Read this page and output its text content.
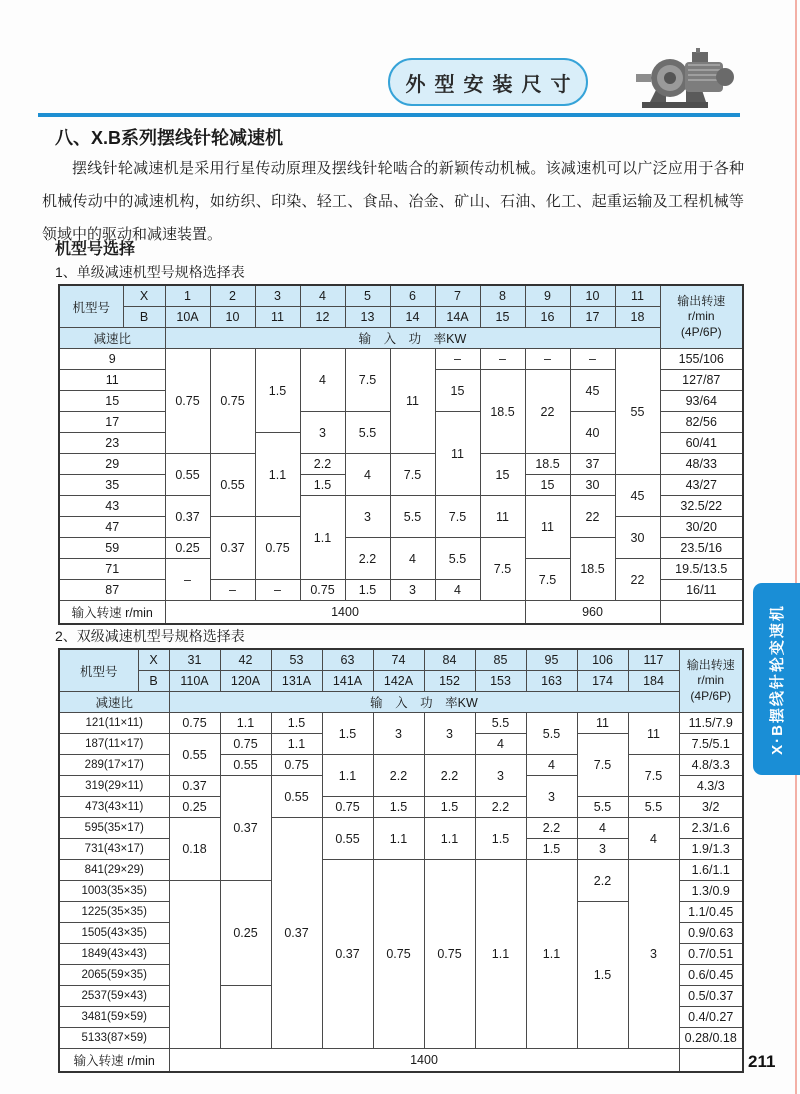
外型安装尺寸
八、X.B系列摆线针轮减速机
摆线针轮减速机是采用行星传动原理及摆线针轮啮合的新颖传动机械。该减速机可以广泛应用于各种机械传动中的减速机构，如纺织、印染、轻工、食品、冶金、矿山、石油、化工、起重运输及工程机械等领域中的驱动和减速装置。
机型号选择
1、单级减速机型号规格选择表
机型号	X	1	2	3	4	5	6	7	8	9	10	11	输出转速
r/min
(4P/6P)
	B	10A	10	11	12	13	14	14A	15	16	17	18	
减速比		输　入　功　率KW											
9		0.75	0.75	1.5	4	7.5	11	–	–	–	–	55	155/106
11								15	18.5	22	45		127/87
15													93/64
17					3	5.5		11			40		82/56
23				1.1									60/41
29		0.55	0.55		2.2	4	7.5		15	18.5	37		48/33
35					1.5					15	30	45	43/27
43		0.37			1.1	3	5.5	7.5	11	11	22		32.5/22
47			0.37	0.75								30	30/20
59		0.25				2.2	4	5.5	7.5		18.5		23.5/16
71		–								7.5		22	19.5/13.5
87			–	–	0.75	1.5	3	4					16/11
输入转速 r/min		1400								960			
2、双级减速机型号规格选择表
机型号	X	31	42	53	63	74	84	85	95	106	117	输出转速
r/min
(4P/6P)
	B	110A	120A	131A	141A	142A	152	153	163	174	184	
减速比		输　入　功　率KW										
121(11×11)		0.75	1.1	1.5	1.5	3	3	5.5	5.5	11	11	11.5/7.9
187(11×17)		0.55	0.75	1.1				4		7.5		7.5/5.1
289(17×17)			0.55	0.75	1.1	2.2	2.2	3	4		7.5	4.8/3.3
319(29×11)		0.37	0.37	0.55					3			4.3/3
473(43×11)		0.25			0.75	1.5	1.5	2.2		5.5	5.5	3/2
595(35×17)		0.18		0.37	0.55	1.1	1.1	1.5	2.2	4	4	2.3/1.6
731(43×17)									1.5	3		1.9/1.3
841(29×29)					0.37	0.75	0.75	1.1	1.1	2.2	3	1.6/1.1
1003(35×35)			0.25									1.3/0.9
1225(35×35)										1.5		1.1/0.45
1505(43×35)												0.9/0.63
1849(43×43)												0.7/0.51
2065(59×35)												0.6/0.45
2537(59×43)												0.5/0.37
3481(59×59)												0.4/0.27
5133(87×59)												0.28/0.18
输入转速 r/min		1400											211
X·B摆线针轮变速机
